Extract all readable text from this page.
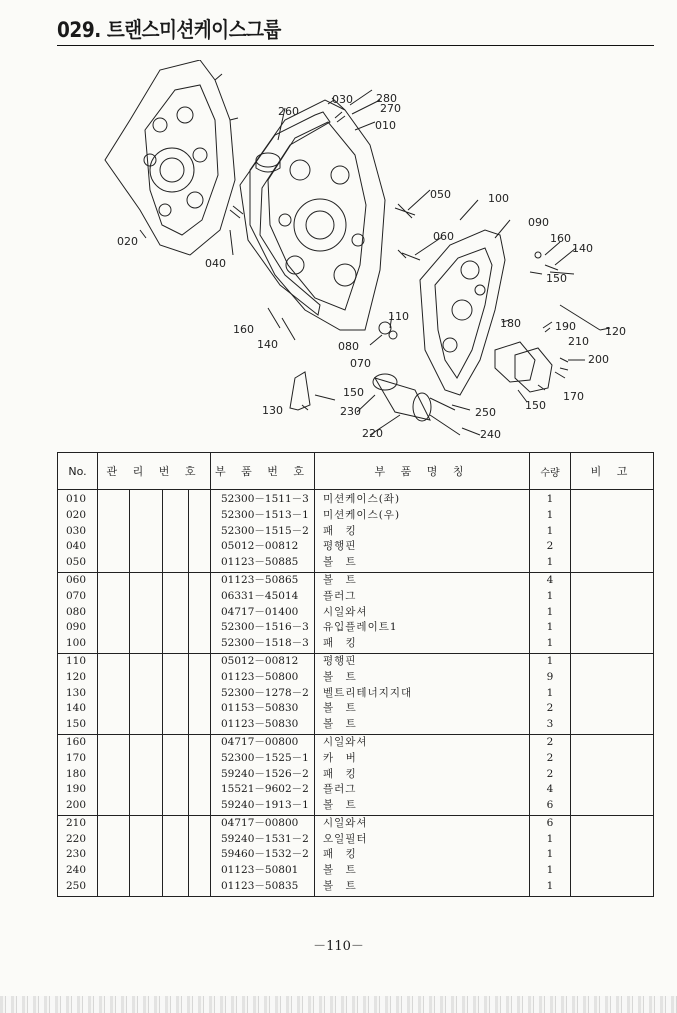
029. 트랜스미션케이스그룹
280
030
270
260
010
050	100
090
160
140
150
020	060
040
110
180	190	120
210
200
160
140	080
070
150	170
130	150
230	250
220	240
No.	관 리 번 호				부 품 번 호	부 품 명 칭	수량	비 고
010					52300－1511－3	미션케이스(좌)	1	
020					52300－1513－1	미션케이스(우)	1	
030					52300－1515－2	패　킹	1	
040					05012－00812	평행핀	2	
050					01123－50885	볼　트	1	
060					01123－50865	볼　트	4	
070					06331－45014	플러그	1	
080					04717－01400	시일와셔	1	
090					52300－1516－3	유입플레이트1	1	
100					52300－1518－3	패　킹	1	
110					05012－00812	평행핀	1	
120					01123－50800	볼　트	9	
130					52300－1278－2	벨트리테너지지대	1	
140					01153－50830	볼　트	2	
150					01123－50830	볼　트	3	
160					04717－00800	시일와셔	2	
170					52300－1525－1	카　버	2	
180					59240－1526－2	패　킹	2	
190					15521－9602－2	플러그	4	
200					59240－1913－1	볼　트	6	
210					04717－00800	시일와셔	6	
220					59240－1531－2	오일필터	1	
230					59460－1532－2	패　킹	1	
240					01123－50801	볼　트	1	
250					01123－50835	볼　트	1	
－110－
